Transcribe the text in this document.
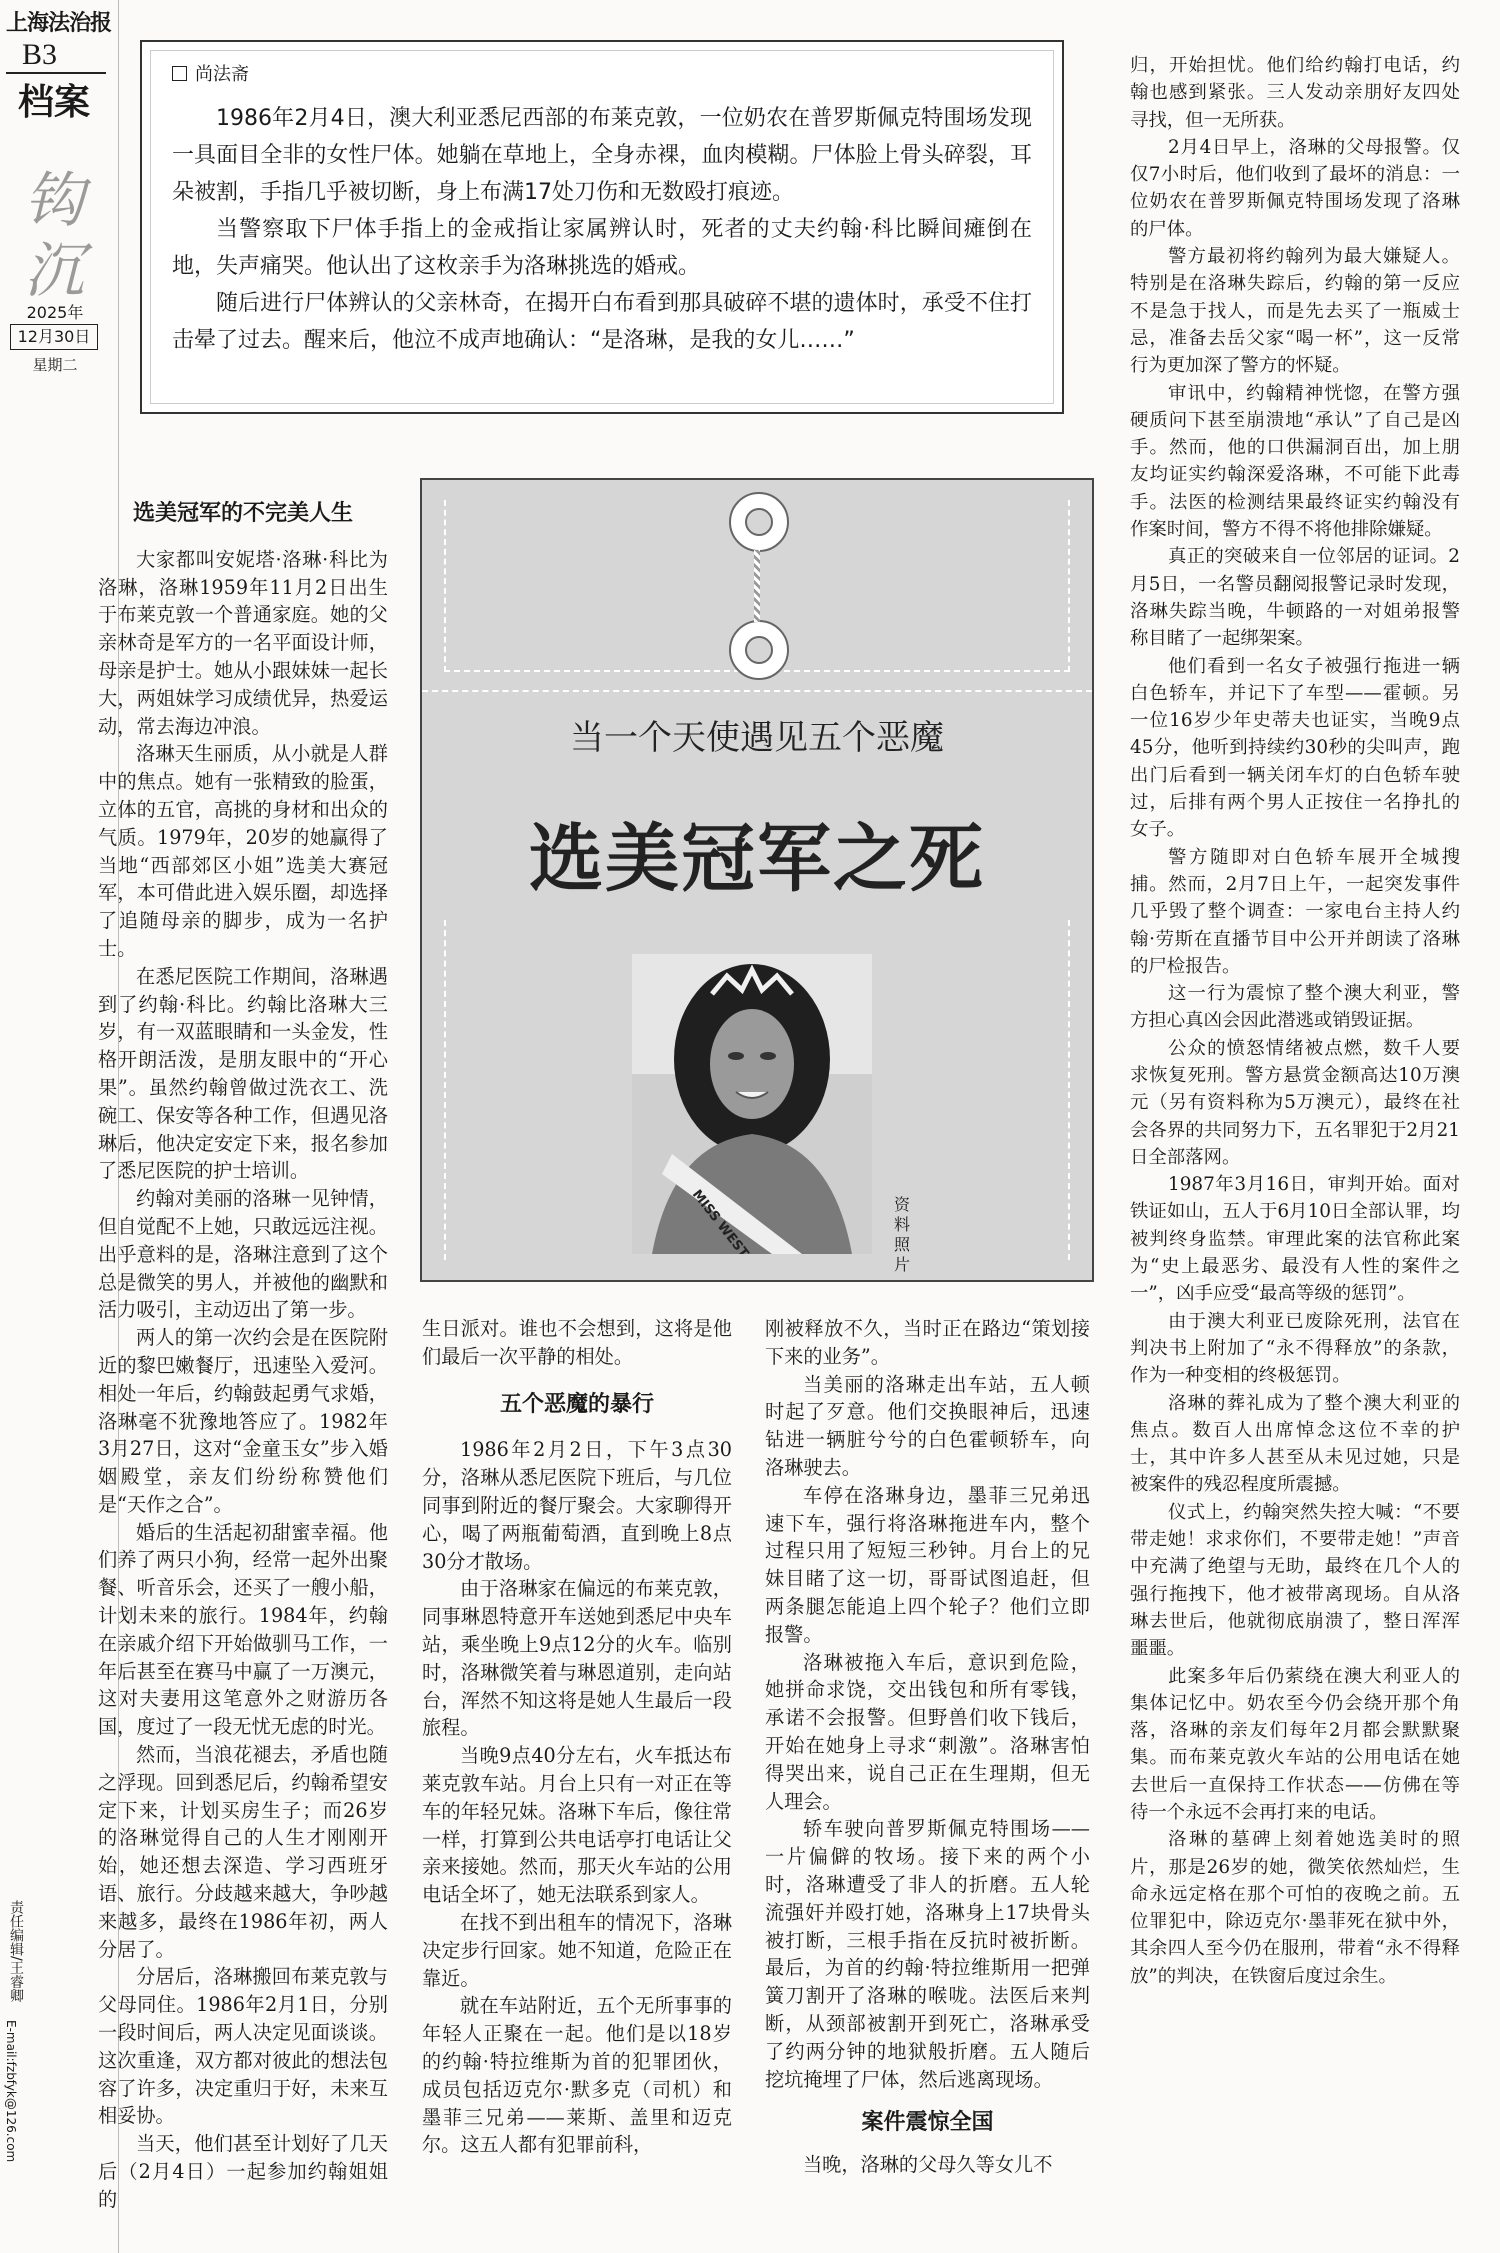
上海法治报
B3
档案
钩沉
2025年
12月30日
星期二
责任编辑/王睿卿
E-mail:fzbfyk@126.com
尚法斋

1986年2月4日，澳大利亚悉尼西部的布莱克敦，一位奶农在普罗斯佩克特围场发现一具面目全非的女性尸体。她躺在草地上，全身赤裸，血肉模糊。尸体脸上骨头碎裂，耳朵被割，手指几乎被切断，身上布满17处刀伤和无数殴打痕迹。

当警察取下尸体手指上的金戒指让家属辨认时，死者的丈夫约翰·科比瞬间瘫倒在地，失声痛哭。他认出了这枚亲手为洛琳挑选的婚戒。

随后进行尸体辨认的父亲林奇，在揭开白布看到那具破碎不堪的遗体时，承受不住打击晕了过去。醒来后，他泣不成声地确认：“是洛琳，是我的女儿……”

当一个天使遇见五个恶魔
选美冠军之死
资料照片
选美冠军的不完美人生

大家都叫安妮塔·洛琳·科比为洛琳，洛琳1959年11月2日出生于布莱克敦一个普通家庭。她的父亲林奇是军方的一名平面设计师，母亲是护士。她从小跟妹妹一起长大，两姐妹学习成绩优异，热爱运动，常去海边冲浪。

洛琳天生丽质，从小就是人群中的焦点。她有一张精致的脸蛋，立体的五官，高挑的身材和出众的气质。1979年，20岁的她赢得了当地“西部郊区小姐”选美大赛冠军，本可借此进入娱乐圈，却选择了追随母亲的脚步，成为一名护士。

在悉尼医院工作期间，洛琳遇到了约翰·科比。约翰比洛琳大三岁，有一双蓝眼睛和一头金发，性格开朗活泼，是朋友眼中的“开心果”。虽然约翰曾做过洗衣工、洗碗工、保安等各种工作，但遇见洛琳后，他决定安定下来，报名参加了悉尼医院的护士培训。

约翰对美丽的洛琳一见钟情，但自觉配不上她，只敢远远注视。出乎意料的是，洛琳注意到了这个总是微笑的男人，并被他的幽默和活力吸引，主动迈出了第一步。

两人的第一次约会是在医院附近的黎巴嫩餐厅，迅速坠入爱河。相处一年后，约翰鼓起勇气求婚，洛琳毫不犹豫地答应了。1982年3月27日，这对“金童玉女”步入婚姻殿堂，亲友们纷纷称赞他们是“天作之合”。

婚后的生活起初甜蜜幸福。他们养了两只小狗，经常一起外出聚餐、听音乐会，还买了一艘小船，计划未来的旅行。1984年，约翰在亲戚介绍下开始做驯马工作，一年后甚至在赛马中赢了一万澳元，这对夫妻用这笔意外之财游历各国，度过了一段无忧无虑的时光。

然而，当浪花褪去，矛盾也随之浮现。回到悉尼后，约翰希望安定下来，计划买房生子；而26岁的洛琳觉得自己的人生才刚刚开始，她还想去深造、学习西班牙语、旅行。分歧越来越大，争吵越来越多，最终在1986年初，两人分居了。

分居后，洛琳搬回布莱克敦与父母同住。1986年2月1日，分别一段时间后，两人决定见面谈谈。这次重逢，双方都对彼此的想法包容了许多，决定重归于好，未来互相妥协。

当天，他们甚至计划好了几天后（2月4日）一起参加约翰姐姐的

生日派对。谁也不会想到，这将是他们最后一次平静的相处。

五个恶魔的暴行

1986年2月2日，下午3点30分，洛琳从悉尼医院下班后，与几位同事到附近的餐厅聚会。大家聊得开心，喝了两瓶葡萄酒，直到晚上8点30分才散场。

由于洛琳家在偏远的布莱克敦，同事琳恩特意开车送她到悉尼中央车站，乘坐晚上9点12分的火车。临别时，洛琳微笑着与琳恩道别，走向站台，浑然不知这将是她人生最后一段旅程。

当晚9点40分左右，火车抵达布莱克敦车站。月台上只有一对正在等车的年轻兄妹。洛琳下车后，像往常一样，打算到公共电话亭打电话让父亲来接她。然而，那天火车站的公用电话全坏了，她无法联系到家人。

在找不到出租车的情况下，洛琳决定步行回家。她不知道，危险正在靠近。

就在车站附近，五个无所事事的年轻人正聚在一起。他们是以18岁的约翰·特拉维斯为首的犯罪团伙，成员包括迈克尔·默多克（司机）和墨菲三兄弟——莱斯、盖里和迈克尔。这五人都有犯罪前科，

刚被释放不久，当时正在路边“策划接下来的业务”。

当美丽的洛琳走出车站，五人顿时起了歹意。他们交换眼神后，迅速钻进一辆脏兮兮的白色霍顿轿车，向洛琳驶去。

车停在洛琳身边，墨菲三兄弟迅速下车，强行将洛琳拖进车内，整个过程只用了短短三秒钟。月台上的兄妹目睹了这一切，哥哥试图追赶，但两条腿怎能追上四个轮子？他们立即报警。

洛琳被拖入车后，意识到危险，她拼命求饶，交出钱包和所有零钱，承诺不会报警。但野兽们收下钱后，开始在她身上寻求“刺激”。洛琳害怕得哭出来，说自己正在生理期，但无人理会。

轿车驶向普罗斯佩克特围场——一片偏僻的牧场。接下来的两个小时，洛琳遭受了非人的折磨。五人轮流强奸并殴打她，洛琳身上17块骨头被打断，三根手指在反抗时被折断。最后，为首的约翰·特拉维斯用一把弹簧刀割开了洛琳的喉咙。法医后来判断，从颈部被割开到死亡，洛琳承受了约两分钟的地狱般折磨。五人随后挖坑掩埋了尸体，然后逃离现场。

案件震惊全国

当晚，洛琳的父母久等女儿不

归，开始担忧。他们给约翰打电话，约翰也感到紧张。三人发动亲朋好友四处寻找，但一无所获。

2月4日早上，洛琳的父母报警。仅仅7小时后，他们收到了最坏的消息：一位奶农在普罗斯佩克特围场发现了洛琳的尸体。

警方最初将约翰列为最大嫌疑人。特别是在洛琳失踪后，约翰的第一反应不是急于找人，而是先去买了一瓶威士忌，准备去岳父家“喝一杯”，这一反常行为更加深了警方的怀疑。

审讯中，约翰精神恍惚，在警方强硬质问下甚至崩溃地“承认”了自己是凶手。然而，他的口供漏洞百出，加上朋友均证实约翰深爱洛琳，不可能下此毒手。法医的检测结果最终证实约翰没有作案时间，警方不得不将他排除嫌疑。

真正的突破来自一位邻居的证词。2月5日，一名警员翻阅报警记录时发现，洛琳失踪当晚，牛顿路的一对姐弟报警称目睹了一起绑架案。

他们看到一名女子被强行拖进一辆白色轿车，并记下了车型——霍顿。另一位16岁少年史蒂夫也证实，当晚9点45分，他听到持续约30秒的尖叫声，跑出门后看到一辆关闭车灯的白色轿车驶过，后排有两个男人正按住一名挣扎的女子。

警方随即对白色轿车展开全城搜捕。然而，2月7日上午，一起突发事件几乎毁了整个调查：一家电台主持人约翰·劳斯在直播节目中公开并朗读了洛琳的尸检报告。

这一行为震惊了整个澳大利亚，警方担心真凶会因此潜逃或销毁证据。

公众的愤怒情绪被点燃，数千人要求恢复死刑。警方悬赏金额高达10万澳元（另有资料称为5万澳元），最终在社会各界的共同努力下，五名罪犯于2月21日全部落网。

1987年3月16日，审判开始。面对铁证如山，五人于6月10日全部认罪，均被判终身监禁。审理此案的法官称此案为“史上最恶劣、最没有人性的案件之一”，凶手应受“最高等级的惩罚”。

由于澳大利亚已废除死刑，法官在判决书上附加了“永不得释放”的条款，作为一种变相的终极惩罚。

洛琳的葬礼成为了整个澳大利亚的焦点。数百人出席悼念这位不幸的护士，其中许多人甚至从未见过她，只是被案件的残忍程度所震撼。

仪式上，约翰突然失控大喊：“不要带走她！求求你们，不要带走她！”声音中充满了绝望与无助，最终在几个人的强行拖拽下，他才被带离现场。自从洛琳去世后，他就彻底崩溃了，整日浑浑噩噩。

此案多年后仍萦绕在澳大利亚人的集体记忆中。奶农至今仍会绕开那个角落，洛琳的亲友们每年2月都会默默聚集。而布莱克敦火车站的公用电话在她去世后一直保持工作状态——仿佛在等待一个永远不会再打来的电话。

洛琳的墓碑上刻着她选美时的照片，那是26岁的她，微笑依然灿烂，生命永远定格在那个可怕的夜晚之前。五位罪犯中，除迈克尔·墨菲死在狱中外，其余四人至今仍在服刑，带着“永不得释放”的判决，在铁窗后度过余生。
